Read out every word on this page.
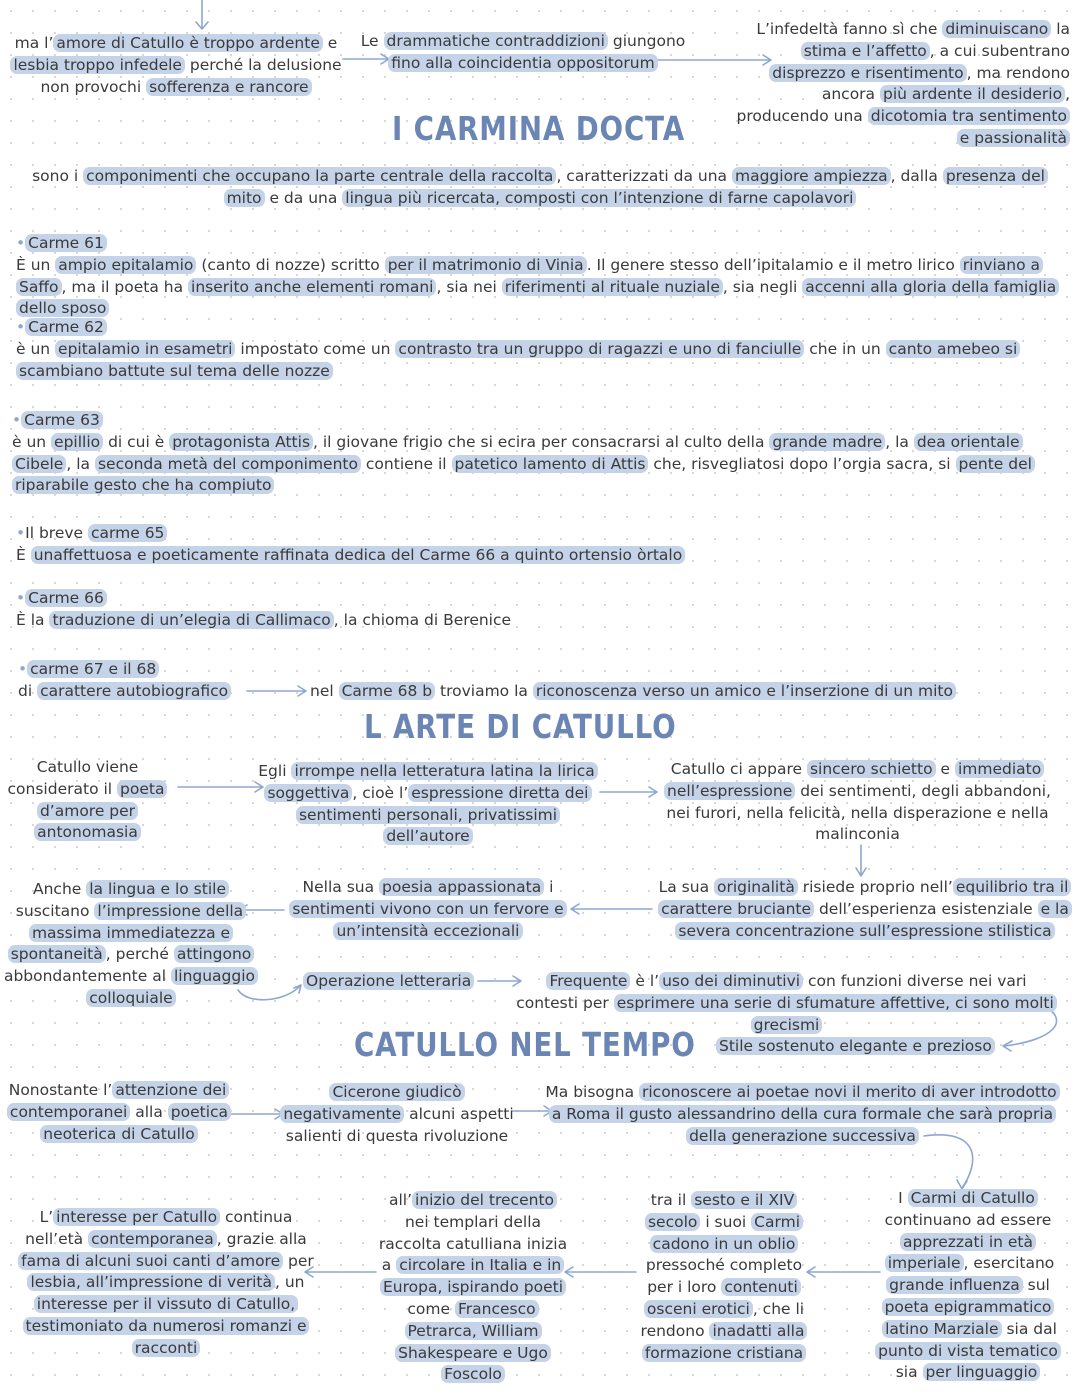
ma l’ amore di Catullo è troppo ardente e lesbia troppo infedele perché la delusione non provochi sofferenza e rancore

Le drammatiche contraddizioni giungono fino alla coincidentia oppositorum

L’infedeltà fanno sì che diminuiscano la stima e l’affetto , a cui subentrano disprezzo e risentimento , ma rendono ancora più ardente il desiderio , producendo una dicotomia tra sentimento e passionalità

I CARMINA DOCTA

sono i componimenti che occupano la parte centrale della raccolta , caratterizzati da una maggiore ampiezza , dalla presenza del mito e da una lingua più ricercata, composti con l’intenzione di farne capolavori

• Carme 61
È un ampio epitalamio (canto di nozze) scritto per il matrimonio di Vinia . Il genere stesso dell’ipitalamio e il metro lirico rinviano a Saffo , ma il poeta ha inserito anche elementi romani , sia nei riferimenti al rituale nuziale , sia negli accenni alla gloria della famiglia dello sposo

• Carme 62
è un epitalamio in esametri impostato come un contrasto tra un gruppo di ragazzi e uno di fanciulle che in un canto amebeo si scambiano battute sul tema delle nozze

• Carme 63
è un epillio di cui è protagonista Attis , il giovane frigio che si ecira per consacrarsi al culto della grande madre , la dea orientale Cibele , la seconda metà del componimento contiene il patetico lamento di Attis che, risvegliatosi dopo l’orgia sacra, si pente del riparabile gesto che ha compiuto

•Il breve carme 65
È unaffettuosa e poeticamente raffinata dedica del Carme 66 a quinto ortensio òrtalo

• Carme 66
È la traduzione di un’elegia di Callimaco , la chioma di Berenice

• carme 67 e il 68
di carattere autobiografico	nel Carme 68 b troviamo la riconoscenza verso un amico e l’inserzione di un mito

L ARTE DI CATULLO

Catullo viene considerato il poeta d’amore per antonomasia

Egli irrompe nella letteratura latina la lirica soggettiva , cioè l’ espressione diretta dei sentimenti personali, privatissimi dell’autore

Catullo ci appare sincero schietto e immediato nell’espressione dei sentimenti, degli abbandoni, nei furori, nella felicità, nella disperazione e nella malinconia

La sua originalità risiede proprio nell’ equilibrio tra il carattere bruciante dell’esperienza esistenziale e la severa concentrazione sull’espressione stilistica

Nella sua poesia appassionata i sentimenti vivono con un fervore e un’intensità eccezionali

Anche la lingua e lo stile suscitano l’impressione della massima immediatezza e spontaneità , perché attingono abbondantemente al linguaggio colloquiale

Operazione letteraria	Frequente è l’ uso dei diminutivi con funzioni diverse nei vari contesti per esprimere una serie di sfumature affettive, ci sono molti grecismi

Stile sostenuto elegante e prezioso

CATULLO NEL TEMPO

Nonostante l’ attenzione dei contemporanei alla poetica neoterica di Catullo

Cicerone giudicò negativamente alcuni aspetti salienti di questa rivoluzione

Ma bisogna riconoscere ai poetae novi il merito di aver introdotto a Roma il gusto alessandrino della cura formale che sarà propria della generazione successiva

I Carmi di Catullo continuano ad essere apprezzati in età imperiale , esercitano grande influenza sul poeta epigrammatico latino Marziale sia dal punto di vista tematico sia per linguaggio

tra il sesto e il XIV secolo i suoi Carmi cadono in un oblio pressoché completo per i loro contenuti osceni erotici , che li rendono inadatti alla formazione cristiana

all’ inizio del trecento nei templari della raccolta catulliana inizia a circolare in Italia e in Europa, ispirando poeti come Francesco Petrarca, William Shakespeare e Ugo Foscolo

L’ interesse per Catullo continua nell’età contemporanea , grazie alla fama di alcuni suoi canti d’amore per lesbia, all’impressione di verità , un interesse per il vissuto di Catullo, testimoniato da numerosi romanzi e racconti
